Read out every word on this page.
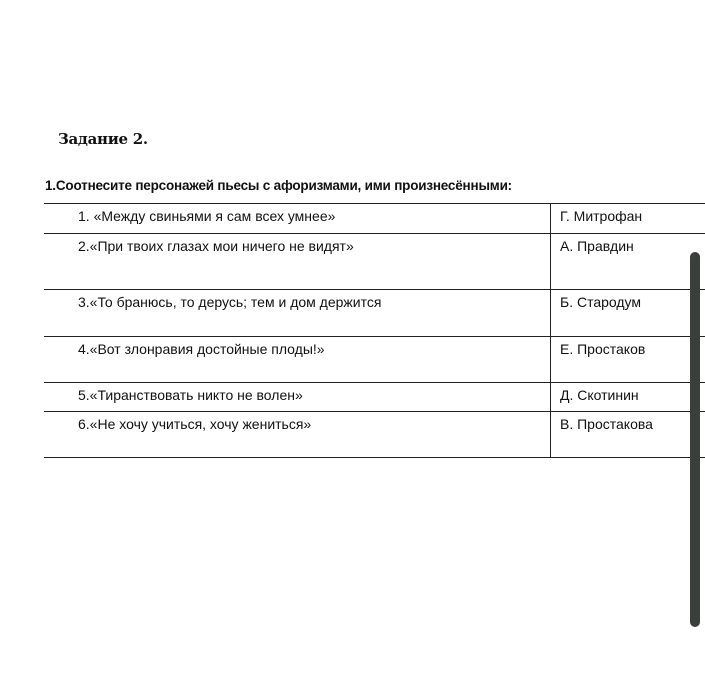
Задание 2.
1.Соотнесите персонажей пьесы с афоризмами, ими произнесёнными:
1. «Между свиньями я сам всех умнее»	Г. Митрофан

2.«При твоих глазах мои ничего не видят»	А. Правдин

3.«То бранюсь, то дерусь; тем и дом держится	Б. Стародум

4.«Вот злонравия достойные плоды!»	Е. Простаков

5.«Тиранствовать никто не волен»	Д. Скотинин

6.«Не хочу учиться, хочу жениться»	В. Простакова
